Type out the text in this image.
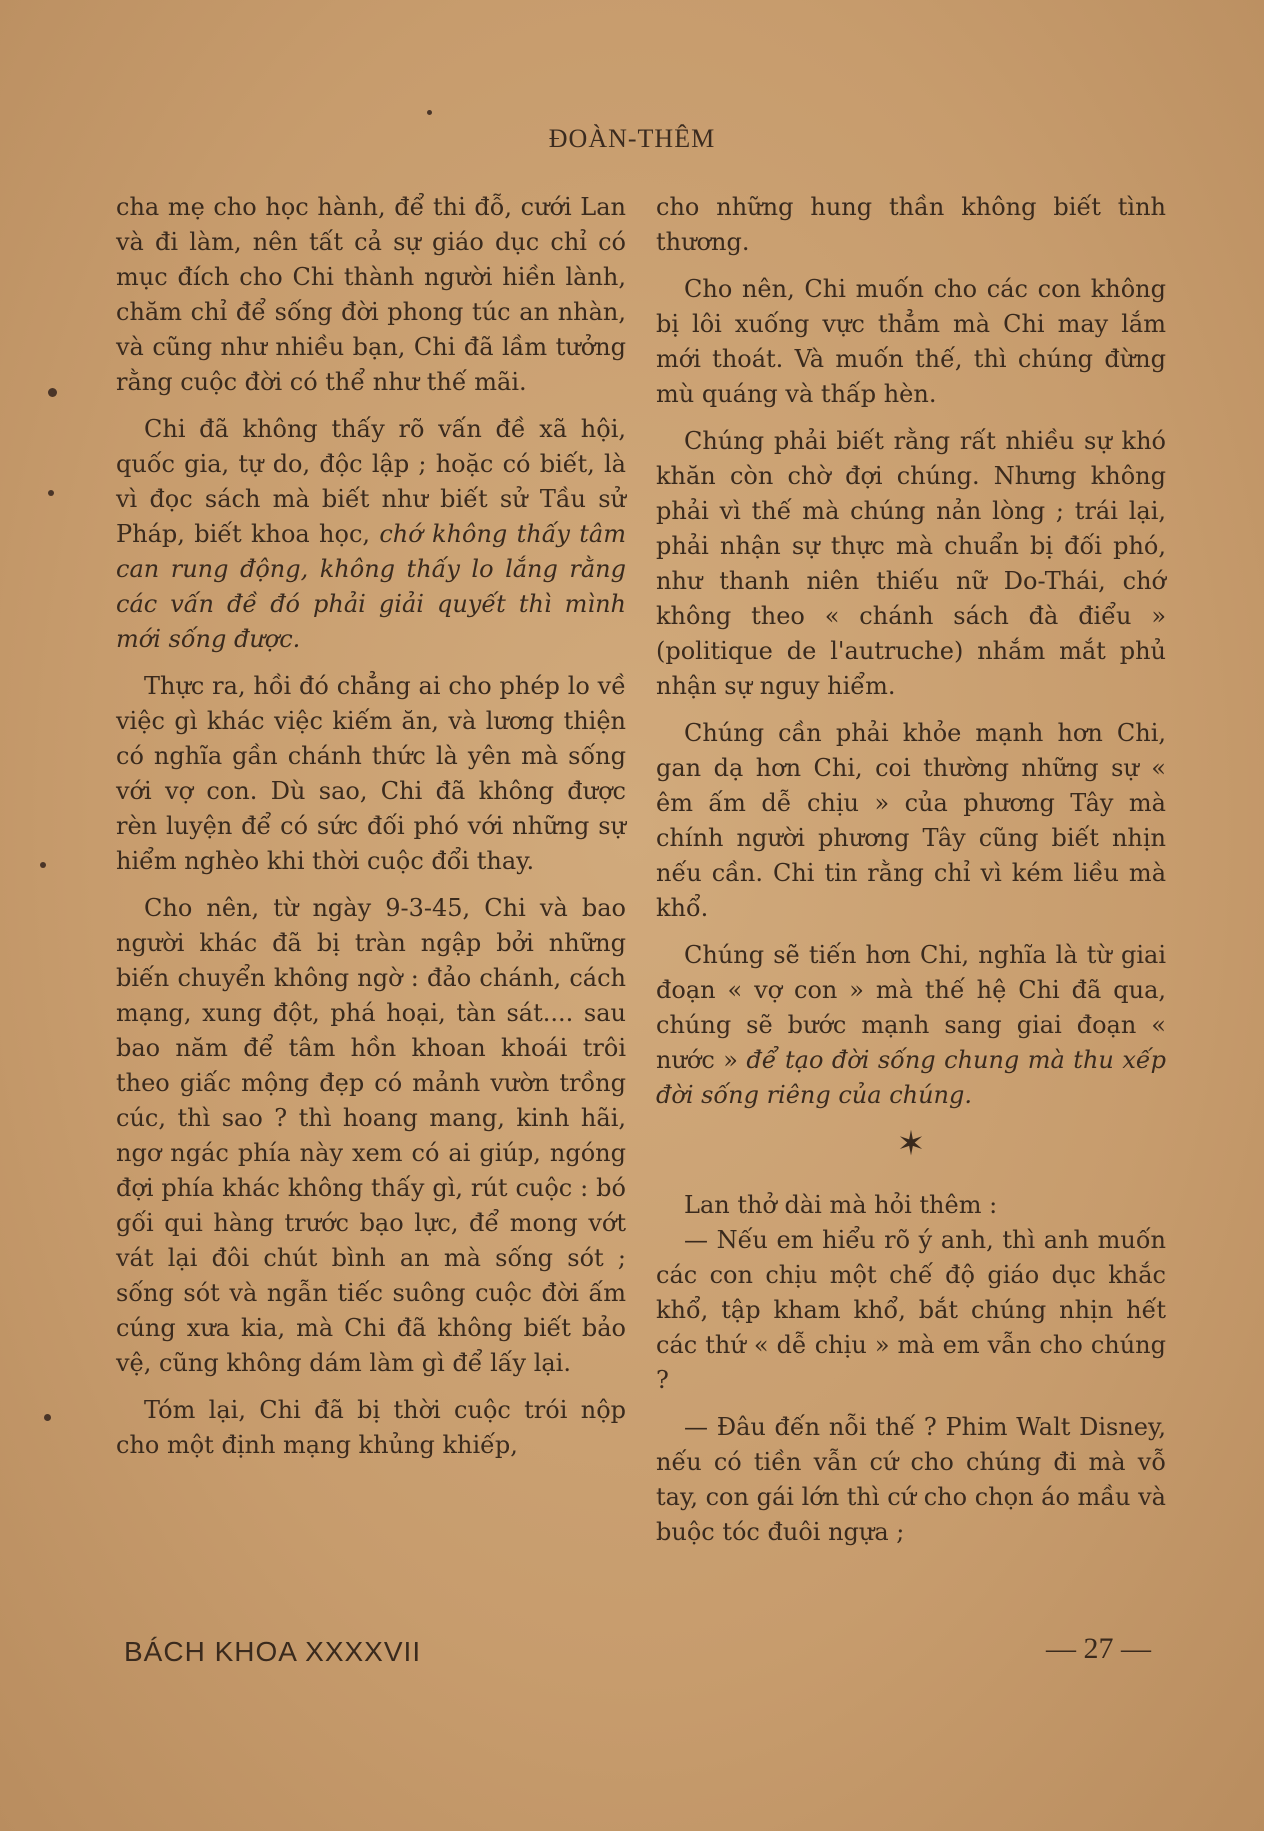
ĐOÀN-THÊM

cha mẹ cho học hành, để thi đỗ, cưới Lan và đi làm, nên tất cả sự giáo dục chỉ có mục đích cho Chi thành người hiền lành, chăm chỉ để sống đời phong túc an nhàn, và cũng như nhiều bạn, Chi đã lầm tưởng rằng cuộc đời có thể như thế mãi.

Chi đã không thấy rõ vấn đề xã hội, quốc gia, tự do, độc lập ; hoặc có biết, là vì đọc sách mà biết như biết sử Tầu sử Pháp, biết khoa học, chớ không thấy tâm can rung động, không thấy lo lắng rằng các vấn đề đó phải giải quyết thì mình mới sống được.

Thực ra, hồi đó chẳng ai cho phép lo về việc gì khác việc kiếm ăn, và lương thiện có nghĩa gần chánh thức là yên mà sống với vợ con. Dù sao, Chi đã không được rèn luyện để có sức đối phó với những sự hiểm nghèo khi thời cuộc đổi thay.

Cho nên, từ ngày 9-3-45, Chi và bao người khác đã bị tràn ngập bởi những biến chuyển không ngờ : đảo chánh, cách mạng, xung đột, phá hoại, tàn sát.... sau bao năm để tâm hồn khoan khoái trôi theo giấc mộng đẹp có mảnh vườn trồng cúc, thì sao ? thì hoang mang, kinh hãi, ngơ ngác phía này xem có ai giúp, ngóng đợi phía khác không thấy gì, rút cuộc : bó gối qui hàng trước bạo lực, để mong vớt vát lại đôi chút bình an mà sống sót ; sống sót và ngẫn tiếc suông cuộc đời ấm cúng xưa kia, mà Chi đã không biết bảo vệ, cũng không dám làm gì để lấy lại.

Tóm lại, Chi đã bị thời cuộc trói nộp cho một định mạng khủng khiếp,

cho những hung thần không biết tình thương.

Cho nên, Chi muốn cho các con không bị lôi xuống vực thẳm mà Chi may lắm mới thoát. Và muốn thế, thì chúng đừng mù quáng và thấp hèn.

Chúng phải biết rằng rất nhiều sự khó khăn còn chờ đợi chúng. Nhưng không phải vì thế mà chúng nản lòng ; trái lại, phải nhận sự thực mà chuẩn bị đối phó, như thanh niên thiếu nữ Do-Thái, chớ không theo « chánh sách đà điểu » (politique de l'autruche) nhắm mắt phủ nhận sự nguy hiểm.

Chúng cần phải khỏe mạnh hơn Chi, gan dạ hơn Chi, coi thường những sự « êm ấm dễ chịu » của phương Tây mà chính người phương Tây cũng biết nhịn nếu cần. Chi tin rằng chỉ vì kém liều mà khổ.

Chúng sẽ tiến hơn Chi, nghĩa là từ giai đoạn « vợ con » mà thế hệ Chi đã qua, chúng sẽ bước mạnh sang giai đoạn « nước » để tạo đời sống chung mà thu xếp đời sống riêng của chúng.

✶

Lan thở dài mà hỏi thêm :

— Nếu em hiểu rõ ý anh, thì anh muốn các con chịu một chế độ giáo dục khắc khổ, tập kham khổ, bắt chúng nhịn hết các thứ « dễ chịu » mà em vẫn cho chúng ?

— Đâu đến nỗi thế ? Phim Walt Disney, nếu có tiền vẫn cứ cho chúng đi mà vỗ tay, con gái lớn thì cứ cho chọn áo mầu và buộc tóc đuôi ngựa ;

BÁCH KHOA XXXXVII	— 27 —
